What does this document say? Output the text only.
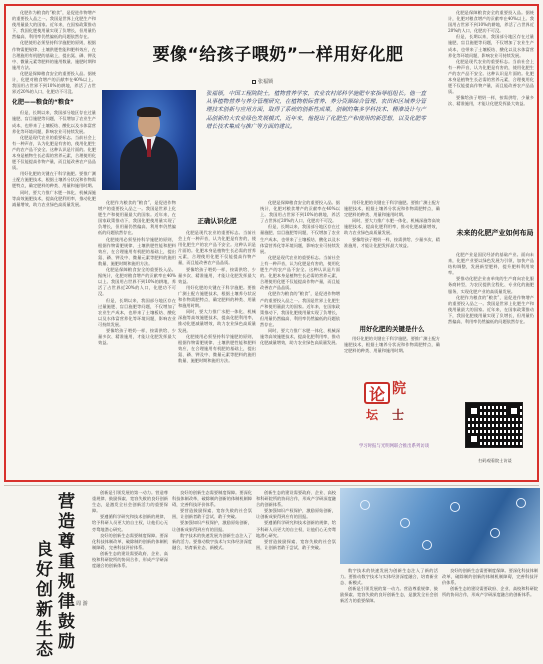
化肥作为粮食的“粮食”，是促进作物增产的重要投入品之一。我国是世界上化肥生产和使用量最大的国家。近年来，在国家政策推动下，我国化肥使用量实现了负增长，但用量仍然偏高、利用率仍然偏低的问题依然存在。

化肥使用必须坚持科学施肥的原则，根据作物需肥规律、土壤供肥性能和肥料效应，在合理施用有机肥的基础上，提出氮、磷、钾及中、微量元素等肥料的施用数量、施肥时期和施用方法。

化肥是保障粮食安全的重要投入品。据统计，化肥对粮食增产的贡献率在40%以上。我国用占世界不到10%的耕地，养活了占世界近20%的人口，化肥功不可没。

化肥——粮食的“粮食”

但是，长期以来，我国部分地区存在过量施肥、盲目施肥等问题，不仅增加了农业生产成本，也带来了土壤板结、酸化以及水体富营养化等环境问题，影响农业可持续发展。

化肥是现代农业的重要标志。当前社会上有一种声音，认为化肥是有害的，使用化肥生产的农产品不安全。这种认识是片面的。化肥本身是植物生长必需的营养元素，合理使用化肥不仅能提高作物产量，而且能改善农产品品质。

用好化肥的关键在于科学施肥。要推广测土配方施肥技术，根据土壤养分状况和作物需肥特点，确定肥料的种类、用量和施用时期。

同时，要大力推广水肥一体化、机械深施等高效施肥技术，提高化肥利用率，推动化肥减量增效，助力农业绿色高质量发展。

化肥是保障粮食安全的重要投入品。据统计，化肥对粮食增产的贡献率在40%以上。我国用占世界不到10%的耕地，养活了占世界近20%的人口，化肥功不可没。

但是，长期以来，我国部分地区存在过量施肥、盲目施肥等问题，不仅增加了农业生产成本，也带来了土壤板结、酸化以及水体富营养化等环境问题，影响农业可持续发展。

化肥是现代农业的重要标志。当前社会上有一种声音，认为化肥是有害的，使用化肥生产的农产品不安全。这种认识是片面的。化肥本身是植物生长必需的营养元素，合理使用化肥不仅能提高作物产量，而且能改善农产品品质。

要像给孩子喂奶一样，按需供给、少量多次、精准施用，才能让化肥发挥最大效益。

要像“给孩子喂奶”一样用好化肥
张福锁
张福锁，中国工程院院士，植物营养学家，农业农村部科学施肥专家指导组组长。他一直从事植物营养与养分管理研究，在植物根际营养、养分资源综合管理、农田和区域养分管理技术创新与应用方面，取得了系统的创新性成果，创制的集多学科技术、精准设计与产品创新的大农业绿色发展模式，近年来，他提出了化肥生产和使用的新思想，以及化肥零增长技术集成与推广等方面的建议。

化肥作为粮食的“粮食”，是促进作物增产的重要投入品之一。我国是世界上化肥生产和使用量最大的国家。近年来，在国家政策推动下，我国化肥使用量实现了负增长，但用量仍然偏高、利用率仍然偏低的问题依然存在。

化肥使用必须坚持科学施肥的原则，根据作物需肥规律、土壤供肥性能和肥料效应，在合理施用有机肥的基础上，提出氮、磷、钾及中、微量元素等肥料的施用数量、施肥时期和施用方法。

化肥是保障粮食安全的重要投入品。据统计，化肥对粮食增产的贡献率在40%以上。我国用占世界不到10%的耕地，养活了占世界近20%的人口，化肥功不可没。

但是，长期以来，我国部分地区存在过量施肥、盲目施肥等问题，不仅增加了农业生产成本，也带来了土壤板结、酸化以及水体富营养化等环境问题，影响农业可持续发展。

要像给孩子喂奶一样，按需供给、少量多次、精准施用，才能让化肥发挥最大效益。

正确认识化肥

化肥是现代农业的重要标志。当前社会上有一种声音，认为化肥是有害的，使用化肥生产的农产品不安全。这种认识是片面的。化肥本身是植物生长必需的营养元素，合理使用化肥不仅能提高作物产量，而且能改善农产品品质。

要像给孩子喂奶一样，按需供给、少量多次、精准施用，才能让化肥发挥最大效益。

用好化肥的关键在于科学施肥。要推广测土配方施肥技术，根据土壤养分状况和作物需肥特点，确定肥料的种类、用量和施用时期。

同时，要大力推广水肥一体化、机械深施等高效施肥技术，提高化肥利用率，推动化肥减量增效，助力农业绿色高质量发展。

化肥使用必须坚持科学施肥的原则，根据作物需肥规律、土壤供肥性能和肥料效应，在合理施用有机肥的基础上，提出氮、磷、钾及中、微量元素等肥料的施用数量、施肥时期和施用方法。

化肥是保障粮食安全的重要投入品。据统计，化肥对粮食增产的贡献率在40%以上。我国用占世界不到10%的耕地，养活了占世界近20%的人口，化肥功不可没。

但是，长期以来，我国部分地区存在过量施肥、盲目施肥等问题，不仅增加了农业生产成本，也带来了土壤板结、酸化以及水体富营养化等环境问题，影响农业可持续发展。

化肥是现代农业的重要标志。当前社会上有一种声音，认为化肥是有害的，使用化肥生产的农产品不安全。这种认识是片面的。化肥本身是植物生长必需的营养元素，合理使用化肥不仅能提高作物产量，而且能改善农产品品质。

化肥作为粮食的“粮食”，是促进作物增产的重要投入品之一。我国是世界上化肥生产和使用量最大的国家。近年来，在国家政策推动下，我国化肥使用量实现了负增长，但用量仍然偏高、利用率仍然偏低的问题依然存在。

同时，要大力推广水肥一体化、机械深施等高效施肥技术，提高化肥利用率，推动化肥减量增效，助力农业绿色高质量发展。

用好化肥的关键在于科学施肥。要推广测土配方施肥技术，根据土壤养分状况和作物需肥特点，确定肥料的种类、用量和施用时期。

同时，要大力推广水肥一体化、机械深施等高效施肥技术，提高化肥利用率，推动化肥减量增效，助力农业绿色高质量发展。

要像给孩子喂奶一样，按需供给、少量多次、精准施用，才能让化肥发挥最大效益。

用好化肥的关键是什么

用好化肥的关键在于科学施肥。要推广测土配方施肥技术，根据土壤养分状况和作物需肥特点，确定肥料的种类、用量和施用时期。

未来的化肥产业如何布局

化肥产业是国民经济的基础产业。面向未来，化肥产业要以绿色发展为引领，加快产品结构调整，发展新型肥料，提升肥料利用效率。

要推动化肥企业由单纯的生产商向农化服务商转型，为农民提供全程化、专业化的施肥服务，实现化肥产业的高质量发展。

化肥作为粮食的“粮食”，是促进作物增产的重要投入品之一。我国是世界上化肥生产和使用量最大的国家。近年来，在国家政策推动下，我国化肥使用量实现了负增长，但用量仍然偏高、利用率仍然偏低的问题依然存在。

论 院
坛 士
学习时报与光明网联合推出系列访谈
扫码观看院士访谈
营造尊重规律鼓励
良好创新生态
周 游

创新是引领发展的第一动力。营造尊重规律、鼓励探索、宽容失败的良好创新生态，是激发全社会创新活力的重要保障。

要遵循科学研究和技术创新的规律，给予科研人员更大的自主权，让他们心无旁骛地潜心研究。

良好的创新生态需要制度保障。要深化科技体制改革，破除制约创新的体制机制障碍，完善科技评价体系。

创新生态的建设需要政府、企业、高校和科研院所的协同合作，形成产学研深度融合的创新体系。

良好的创新生态需要制度保障。要深化科技体制改革，破除制约创新的体制机制障碍，完善科技评价体系。

要营造鼓励探索、宽容失败的社会氛围，让创新者敢于尝试、敢于突破。

要加强知识产权保护，激励原始创新，让创新成果得到应有的回报。

数字技术的快速发展为创新生态注入了新的活力。要推动数字技术与实体经济深度融合，培育新业态、新模式。

创新生态的建设需要政府、企业、高校和科研院所的协同合作，形成产学研深度融合的创新体系。

要加强知识产权保护，激励原始创新，让创新成果得到应有的回报。

要遵循科学研究和技术创新的规律，给予科研人员更大的自主权，让他们心无旁骛地潜心研究。

要营造鼓励探索、宽容失败的社会氛围，让创新者敢于尝试、敢于突破。

数字技术的快速发展为创新生态注入了新的活力。要推动数字技术与实体经济深度融合，培育新业态、新模式。

创新是引领发展的第一动力。营造尊重规律、鼓励探索、宽容失败的良好创新生态，是激发全社会创新活力的重要保障。

良好的创新生态需要制度保障。要深化科技体制改革，破除制约创新的体制机制障碍，完善科技评价体系。

创新生态的建设需要政府、企业、高校和科研院所的协同合作，形成产学研深度融合的创新体系。
